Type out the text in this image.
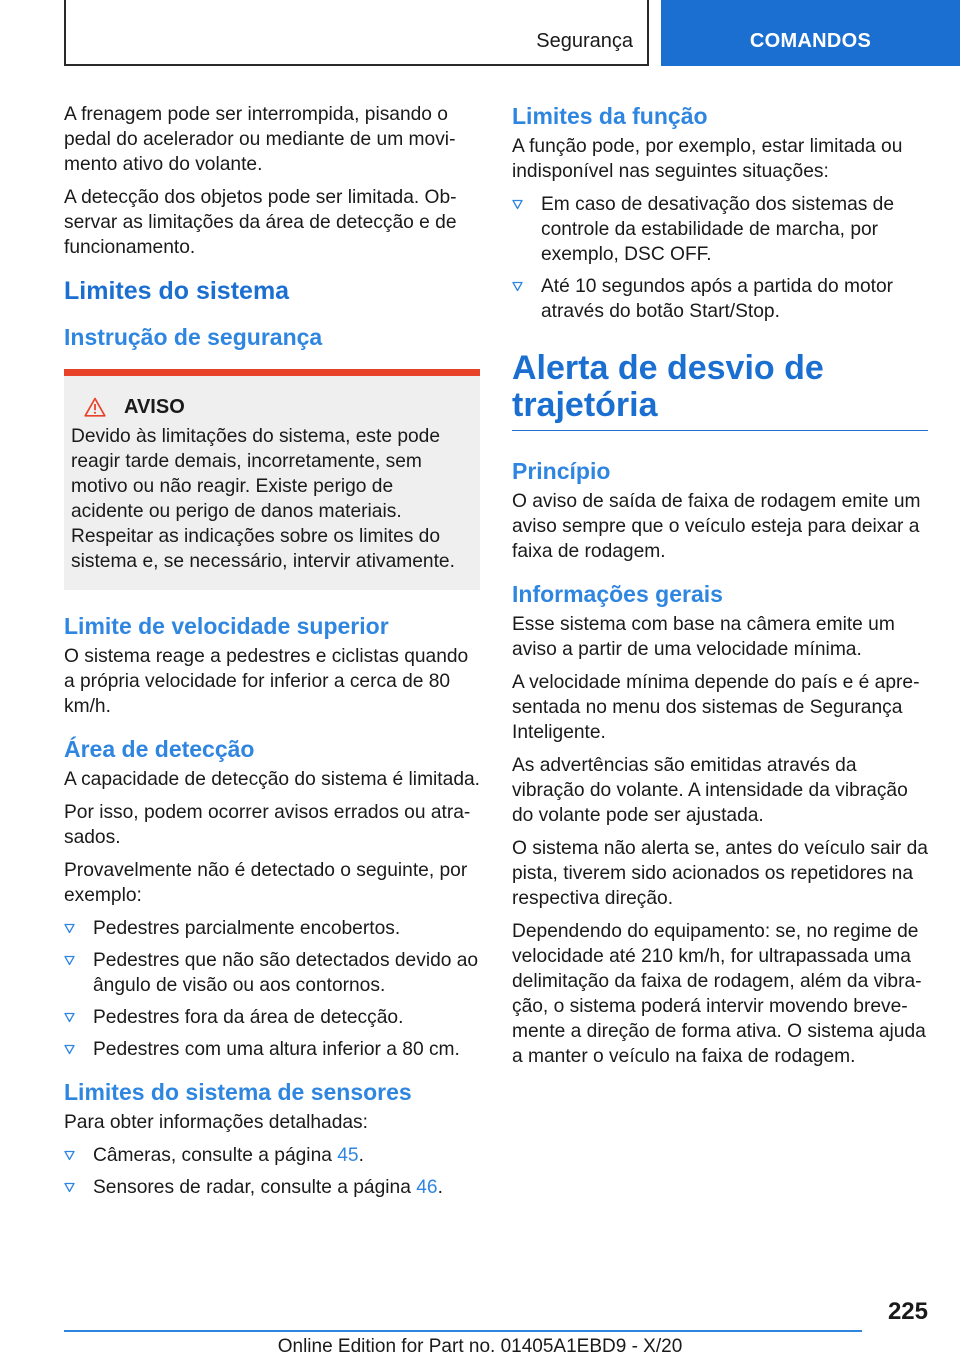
Segurança	COMANDOS

A frenagem pode ser interrompida, pisando o pedal do acelerador ou mediante de um movimento ativo do volante.

A detecção dos objetos pode ser limitada. Observar as limitações da área de detecção e de funcionamento.

Limites do sistema
Instrução de segurança
AVISO

Devido às limitações do sistema, este pode reagir tarde demais, incorretamente, sem motivo ou não reagir. Existe perigo de acidente ou perigo de danos materiais. Respeitar as indicações sobre os limites do sistema e, se necessário, intervir ativamente.

Limite de velocidade superior

O sistema reage a pedestres e ciclistas quando a própria velocidade for inferior a cerca de 80 km/h.

Área de detecção

A capacidade de detecção do sistema é limitada.

Por isso, podem ocorrer avisos errados ou atrasados.

Provavelmente não é detectado o seguinte, por exemplo:

Pedestres parcialmente encobertos.
Pedestres que não são detectados devido ao ângulo de visão ou aos contornos.
Pedestres fora da área de detecção.
Pedestres com uma altura inferior a 80 cm.
Limites do sistema de sensores

Para obter informações detalhadas:

Câmeras, consulte a página 45.
Sensores de radar, consulte a página 46.
Limites da função

A função pode, por exemplo, estar limitada ou indisponível nas seguintes situações:

Em caso de desativação dos sistemas de controle da estabilidade de marcha, por exemplo, DSC OFF.
Até 10 segundos após a partida do motor através do botão Start/Stop.
Alerta de desvio de trajetória
Princípio

O aviso de saída de faixa de rodagem emite um aviso sempre que o veículo esteja para deixar a faixa de rodagem.

Informações gerais

Esse sistema com base na câmera emite um aviso a partir de uma velocidade mínima.

A velocidade mínima depende do país e é apresentada no menu dos sistemas de Segurança Inteligente.

As advertências são emitidas através da vibração do volante. A intensidade da vibração do volante pode ser ajustada.

O sistema não alerta se, antes do veículo sair da pista, tiverem sido acionados os repetidores na respectiva direção.

Dependendo do equipamento: se, no regime de velocidade até 210 km/h, for ultrapassada uma delimitação da faixa de rodagem, além da vibração, o sistema poderá intervir movendo brevemente a direção de forma ativa. O sistema ajuda a manter o veículo na faixa de rodagem.

225
Online Edition for Part no. 01405A1EBD9 - X/20
